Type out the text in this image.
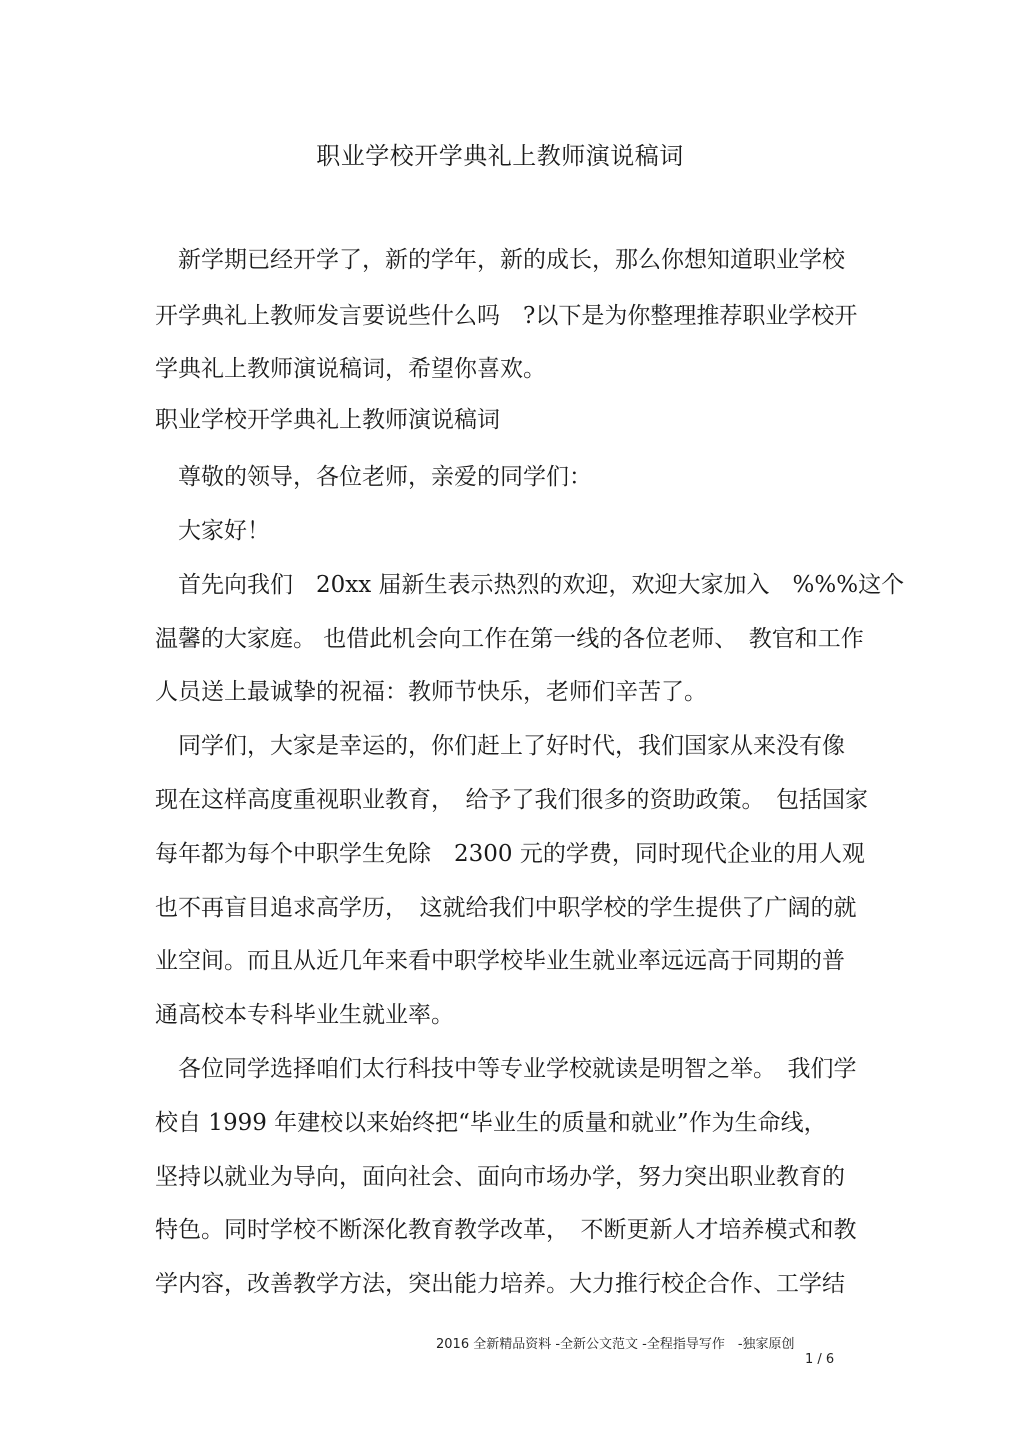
职业学校开学典礼上教师演说稿词
　新学期已经开学了，新的学年，新的成长，那么你想知道职业学校
开学典礼上教师发言要说些什么吗　?以下是为你整理推荐职业学校开
学典礼上教师演说稿词，希望你喜欢。
职业学校开学典礼上教师演说稿词
　尊敬的领导，各位老师，亲爱的同学们：
　大家好！
　首先向我们　20xx 届新生表示热烈的欢迎，欢迎大家加入　%%%这个
温馨的大家庭。 也借此机会向工作在第一线的各位老师、　教官和工作
人员送上最诚挚的祝福：教师节快乐，老师们辛苦了。
　同学们，大家是幸运的，你们赶上了好时代，我们国家从来没有像
现在这样高度重视职业教育，　给予了我们很多的资助政策。　包括国家
每年都为每个中职学生免除　2300 元的学费，同时现代企业的用人观
也不再盲目追求高学历，　这就给我们中职学校的学生提供了广阔的就
业空间。而且从近几年来看中职学校毕业生就业率远远高于同期的普
通高校本专科毕业生就业率。
　各位同学选择咱们太行科技中等专业学校就读是明智之举。　我们学
校自 1999 年建校以来始终把“毕业生的质量和就业”作为生命线，
坚持以就业为导向，面向社会、面向市场办学，努力突出职业教育的
特色。同时学校不断深化教育教学改革，　不断更新人才培养模式和教
学内容，改善教学方法，突出能力培养。大力推行校企合作、工学结
2016 全新精品资料 -全新公文范文 -全程指导写作　-独家原创
1 / 6
